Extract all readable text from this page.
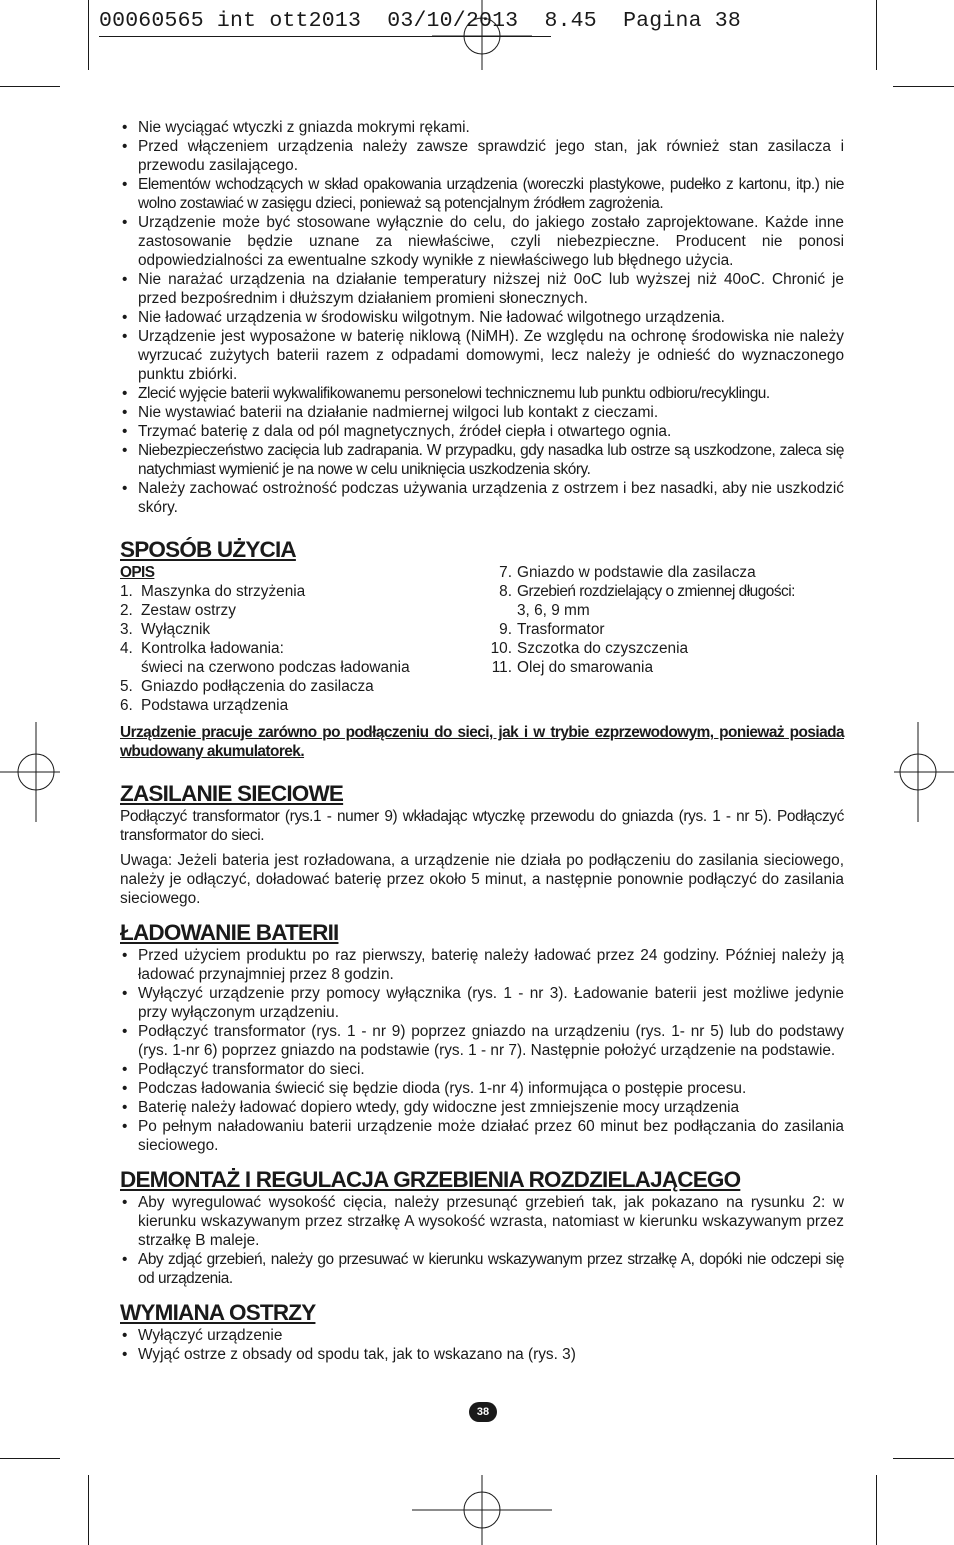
00060565 int ott2013  03/10/2013  8.45  Pagina 38
• Nie wyciągać wtyczki z gniazda mokrymi rękami.
• Przed włączeniem urządzenia należy zawsze sprawdzić jego stan, jak również stan zasilacza i przewodu zasilającego.
• Elementów wchodzących w skład opakowania urządzenia (woreczki plastykowe, pudełko z kartonu, itp.) nie wolno zostawiać w zasięgu dzieci, ponieważ są potencjalnym źródłem zagrożenia.
• Urządzenie może być stosowane wyłącznie do celu, do jakiego zostało zaprojektowane. Każde inne zastosowanie będzie uznane za niewłaściwe, czyli niebezpieczne. Producent nie ponosi odpowiedzialności za ewentualne szkody wynikłe z niewłaściwego lub błędnego użycia.
• Nie narażać urządzenia na działanie temperatury niższej niż 0oC lub wyższej niż 40oC. Chronić je przed bezpośrednim i dłuższym działaniem promieni słonecznych.
• Nie ładować urządzenia w środowisku wilgotnym. Nie ładować wilgotnego urządzenia.
• Urządzenie jest wyposażone w baterię niklową (NiMH). Ze względu na ochronę środowiska nie należy wyrzucać zużytych baterii razem z odpadami domowymi, lecz należy je odnieść do wyznaczonego punktu zbiórki.
• Zlecić wyjęcie baterii wykwalifikowanemu personelowi technicznemu lub punktu odbioru/recyklingu.
• Nie wystawiać baterii na działanie nadmiernej wilgoci lub kontakt z cieczami.
• Trzymać baterię z dala od pól magnetycznych, źródeł ciepła i otwartego ognia.
• Niebezpieczeństwo zacięcia lub zadrapania. W przypadku, gdy nasadka lub ostrze są uszkodzone, zaleca się natychmiast wymienić je na nowe w celu uniknięcia uszkodzenia skóry.
• Należy zachować ostrożność podczas używania urządzenia z ostrzem i bez nasadki, aby nie uszkodzić skóry.
SPOSÓB UŻYCIA
OPIS
1. Maszynka do strzyżenia
2. Zestaw ostrzy
3. Wyłącznik
4. Kontrolka ładowania:
świeci na czerwono podczas ładowania
5. Gniazdo podłączenia do zasilacza
6. Podstawa urządzenia
7. Gniazdo w podstawie dla zasilacza
8. Grzebień rozdzielający o zmiennej długości:
3, 6, 9 mm
9. Trasformator
10. Szczotka do czyszczenia
11. Olej do smarowania

Urządzenie pracuje zarówno po podłączeniu do sieci, jak i w trybie ezprzewodowym, ponieważ posiada wbudowany akumulatorek.

ZASILANIE SIECIOWE

Podłączyć transformator (rys.1 - numer 9) wkładając wtyczkę przewodu do gniazda (rys. 1 - nr 5). Podłączyć transformator do sieci.

Uwaga: Jeżeli bateria jest rozładowana, a urządzenie nie działa po podłączeniu do zasilania sieciowego, należy je odłączyć, doładować baterię przez około 5 minut, a następnie ponownie podłączyć do zasilania sieciowego.

ŁADOWANIE BATERII
• Przed użyciem produktu po raz pierwszy, baterię należy ładować przez 24 godziny. Później należy ją ładować przynajmniej przez 8 godzin.
• Wyłączyć urządzenie przy pomocy wyłącznika (rys. 1 - nr 3). Ładowanie baterii jest możliwe jedynie przy wyłączonym urządzeniu.
• Podłączyć transformator (rys. 1 - nr 9) poprzez gniazdo na urządzeniu (rys. 1- nr 5) lub do podstawy (rys. 1-nr 6) poprzez gniazdo na podstawie (rys. 1 - nr 7). Następnie położyć urządzenie na podstawie.
• Podłączyć transformator do sieci.
• Podczas ładowania świecić się będzie dioda (rys. 1-nr 4) informująca o postępie procesu.
• Baterię należy ładować dopiero wtedy, gdy widoczne jest zmniejszenie mocy urządzenia
• Po pełnym naładowaniu baterii urządzenie może działać przez 60 minut bez podłączania do zasilania sieciowego.
DEMONTAŻ I REGULACJA GRZEBIENIA ROZDZIELAJĄCEGO
• Aby wyregulować wysokość cięcia, należy przesunąć grzebień tak, jak pokazano na rysunku 2: w kierunku wskazywanym przez strzałkę A wysokość wzrasta, natomiast w kierunku wskazywanym przez strzałkę B maleje.
• Aby zdjąć grzebień, należy go przesuwać w kierunku wskazywanym przez strzałkę A, dopóki nie odczepi się od urządzenia.
WYMIANA OSTRZY
• Wyłączyć urządzenie
• Wyjąć ostrze z obsady od spodu tak, jak to wskazano na (rys. 3)
38
